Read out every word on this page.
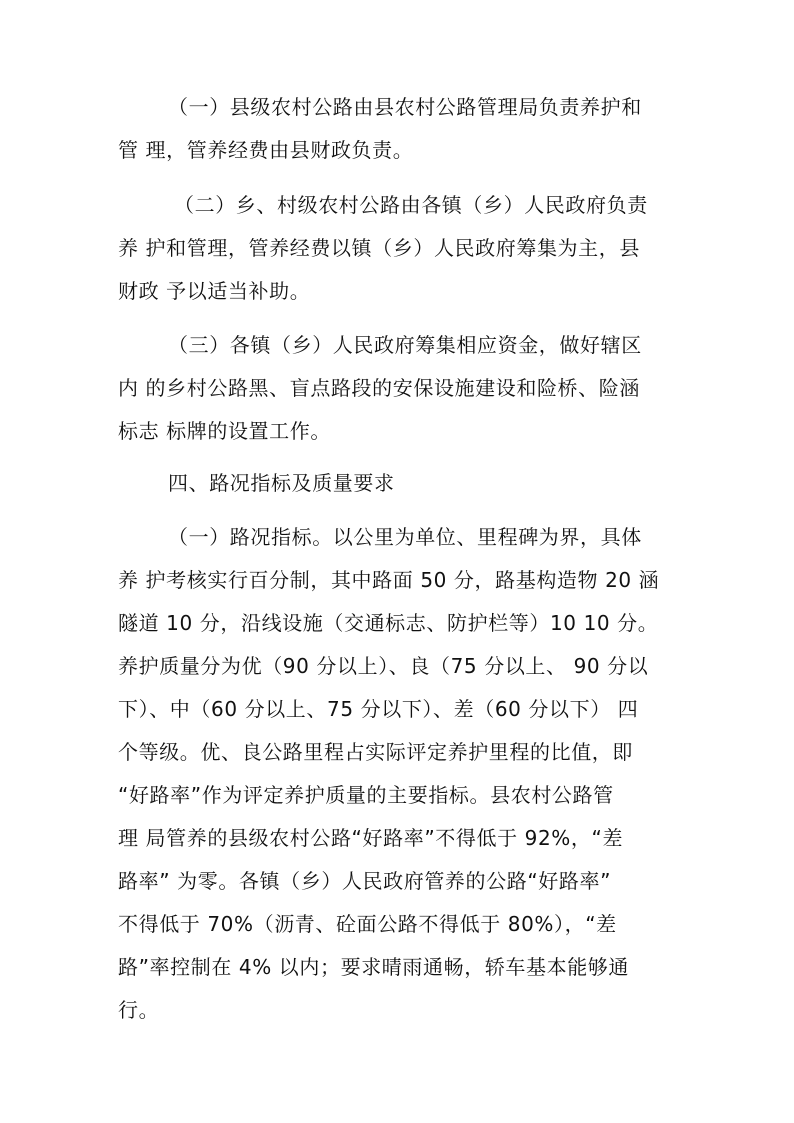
（一）县级农村公路由县农村公路管理局负责养护和
管 理，管养经费由县财政负责。
（二）乡、村级农村公路由各镇（乡）人民政府负责
养 护和管理，管养经费以镇（乡）人民政府筹集为主，县
财政 予以适当补助。
（三）各镇（乡）人民政府筹集相应资金，做好辖区
内 的乡村公路黑、盲点路段的安保设施建设和险桥、险涵
标志 标牌的设置工作。
四、路况指标及质量要求
（一）路况指标。以公里为单位、里程碑为界，具体
养 护考核实行百分制，其中路面 50 分，路基构造物 20 涵
隧道 10 分，沿线设施（交通标志、防护栏等）10 10 分。
养护质量分为优（90 分以上）、良（75 分以上、 90 分以
下）、中（60 分以上、75 分以下）、差（60 分以下） 四
个等级。优、良公路里程占实际评定养护里程的比值，即
“好路率”作为评定养护质量的主要指标。县农村公路管
理 局管养的县级农村公路“好路率”不得低于 92%，“差
路率” 为零。各镇（乡）人民政府管养的公路“好路率”
不得低于 70%（沥青、砼面公路不得低于 80%），“差
路”率控制在 4% 以内；要求晴雨通畅，轿车基本能够通
行。
